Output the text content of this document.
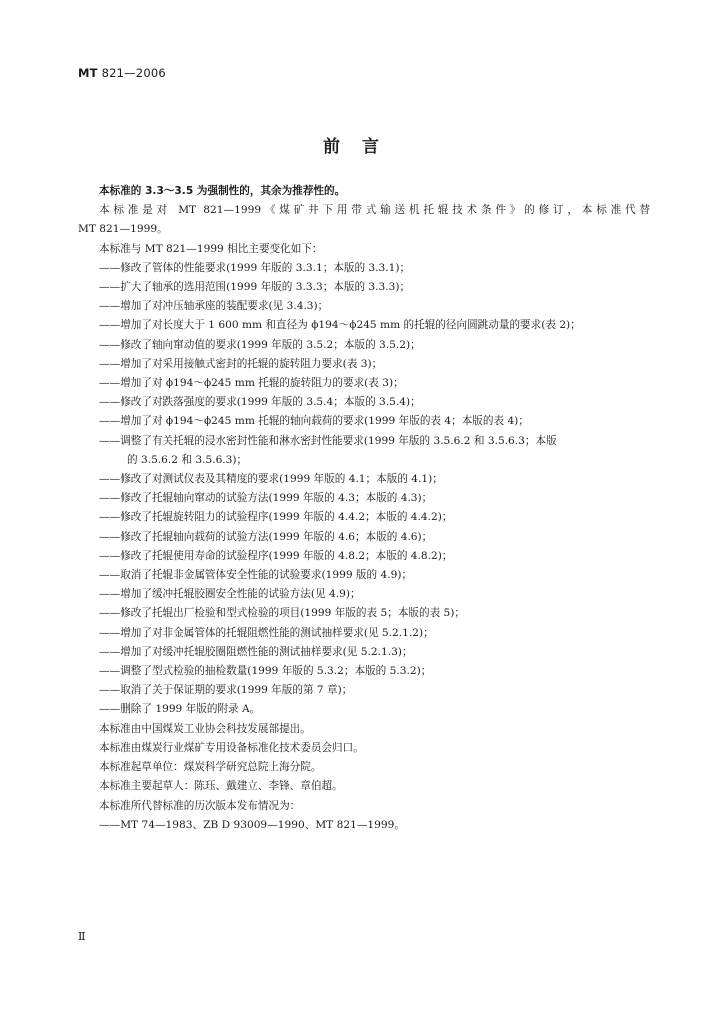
MT 821—2006
前言
本标准的 3.3～3.5 为强制性的，其余为推荐性的。
本标准是对 MT 821—1999《煤矿井下用带式输送机托辊技术条件》的修订，本标准代替
MT 821—1999。
本标准与 MT 821—1999 相比主要变化如下：
——修改了管体的性能要求(1999 年版的 3.3.1；本版的 3.3.1)；
——扩大了轴承的选用范围(1999 年版的 3.3.3；本版的 3.3.3)；
——增加了对冲压轴承座的装配要求(见 3.4.3)；
——增加了对长度大于 1 600 mm 和直径为 ϕ194～ϕ245 mm 的托辊的径向圆跳动量的要求(表 2)；
——修改了轴向窜动值的要求(1999 年版的 3.5.2；本版的 3.5.2)；
——增加了对采用接触式密封的托辊的旋转阻力要求(表 3)；
——增加了对 ϕ194～ϕ245 mm 托辊的旋转阻力的要求(表 3)；
——修改了对跌落强度的要求(1999 年版的 3.5.4；本版的 3.5.4)；
——增加了对 ϕ194～ϕ245 mm 托辊的轴向载荷的要求(1999 年版的表 4；本版的表 4)；
——调整了有关托辊的浸水密封性能和淋水密封性能要求(1999 年版的 3.5.6.2 和 3.5.6.3；本版
的 3.5.6.2 和 3.5.6.3)；
——修改了对测试仪表及其精度的要求(1999 年版的 4.1；本版的 4.1)；
——修改了托辊轴向窜动的试验方法(1999 年版的 4.3；本版的 4.3)；
——修改了托辊旋转阻力的试验程序(1999 年版的 4.4.2；本版的 4.4.2)；
——修改了托辊轴向载荷的试验方法(1999 年版的 4.6；本版的 4.6)；
——修改了托辊使用寿命的试验程序(1999 年版的 4.8.2；本版的 4.8.2)；
——取消了托辊非金属管体安全性能的试验要求(1999 版的 4.9)；
——增加了缓冲托辊胶圈安全性能的试验方法(见 4.9)；
——修改了托辊出厂检验和型式检验的项目(1999 年版的表 5；本版的表 5)；
——增加了对非金属管体的托辊阻燃性能的测试抽样要求(见 5.2.1.2)；
——增加了对缓冲托辊胶圈阻燃性能的测试抽样要求(见 5.2.1.3)；
——调整了型式检验的抽检数量(1999 年版的 5.3.2；本版的 5.3.2)；
——取消了关于保证期的要求(1999 年版的第 7 章)；
——删除了 1999 年版的附录 A。
本标准由中国煤炭工业协会科技发展部提出。
本标准由煤炭行业煤矿专用设备标准化技术委员会归口。
本标准起草单位：煤炭科学研究总院上海分院。
本标准主要起草人：陈珏、戴建立、李锋、章伯超。
本标准所代替标准的历次版本发布情况为：
——MT 74—1983、ZB D 93009—1990、MT 821—1999。
Ⅱ
